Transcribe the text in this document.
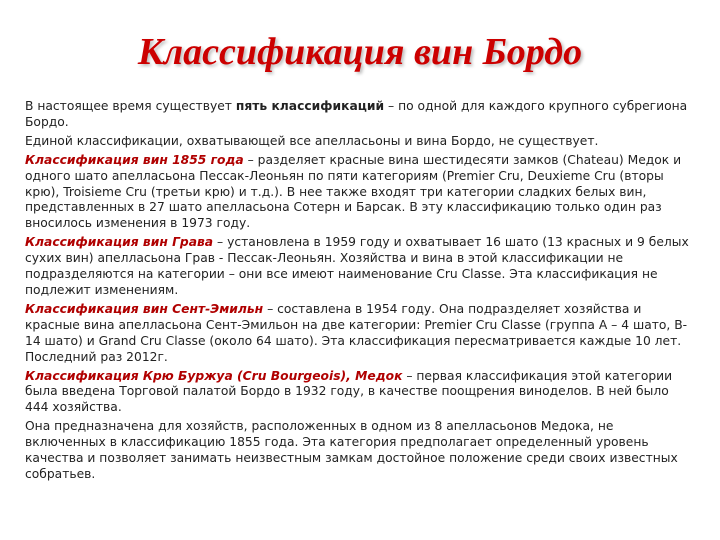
Классификация вин Бордо

В настоящее время существует пять классификаций – по одной для каждого крупного субрегиона Бордо.

Единой классификации, охватывающей все апелласьоны и вина Бордо, не существует.

Классификация вин 1855 года – разделяет красные вина шестидесяти замков (Chateau) Медок и одного шато апелласьона Пессак-Леоньян по пяти категориям (Premier Cru, Deuxieme Cru (вторы крю), Troisieme Cru (третьи крю) и т.д.). В нее также входят три категории сладких белых вин, представленных в 27 шато апелласьона Сотерн и Барсак. В эту классификацию только один раз вносилось изменения в 1973 году.

Классификация вин Грава – установлена в 1959 году и охватывает 16 шато (13 красных и 9 белых сухих вин) апелласьона Грав - Пессак-Леоньян. Хозяйства и вина в этой классификации не подразделяются на категории – они все имеют наименование Cru Classe. Эта классификация не подлежит изменениям.

Классификация вин Сент-Эмильн – составлена в 1954 году. Она подразделяет хозяйства и красные вина апелласьона Сент-Эмильон на две категории: Premier Cru Classe (группа А – 4 шато, В- 14 шато) и Grand Cru Classe (около 64 шато). Эта классификация пересматривается каждые 10 лет. Последний раз 2012г.

Классификация Крю Буржуа (Cru Bourgeois), Медок – первая классификация этой категории была введена Торговой палатой Бордо в 1932 году, в качестве поощрения виноделов. В ней было 444 хозяйства.

Она предназначена для хозяйств, расположенных в одном из 8 апелласьонов Медока, не включенных в классификацию 1855 года. Эта категория предполагает определенный уровень качества и позволяет занимать неизвестным замкам достойное положение среди своих известных собратьев.
